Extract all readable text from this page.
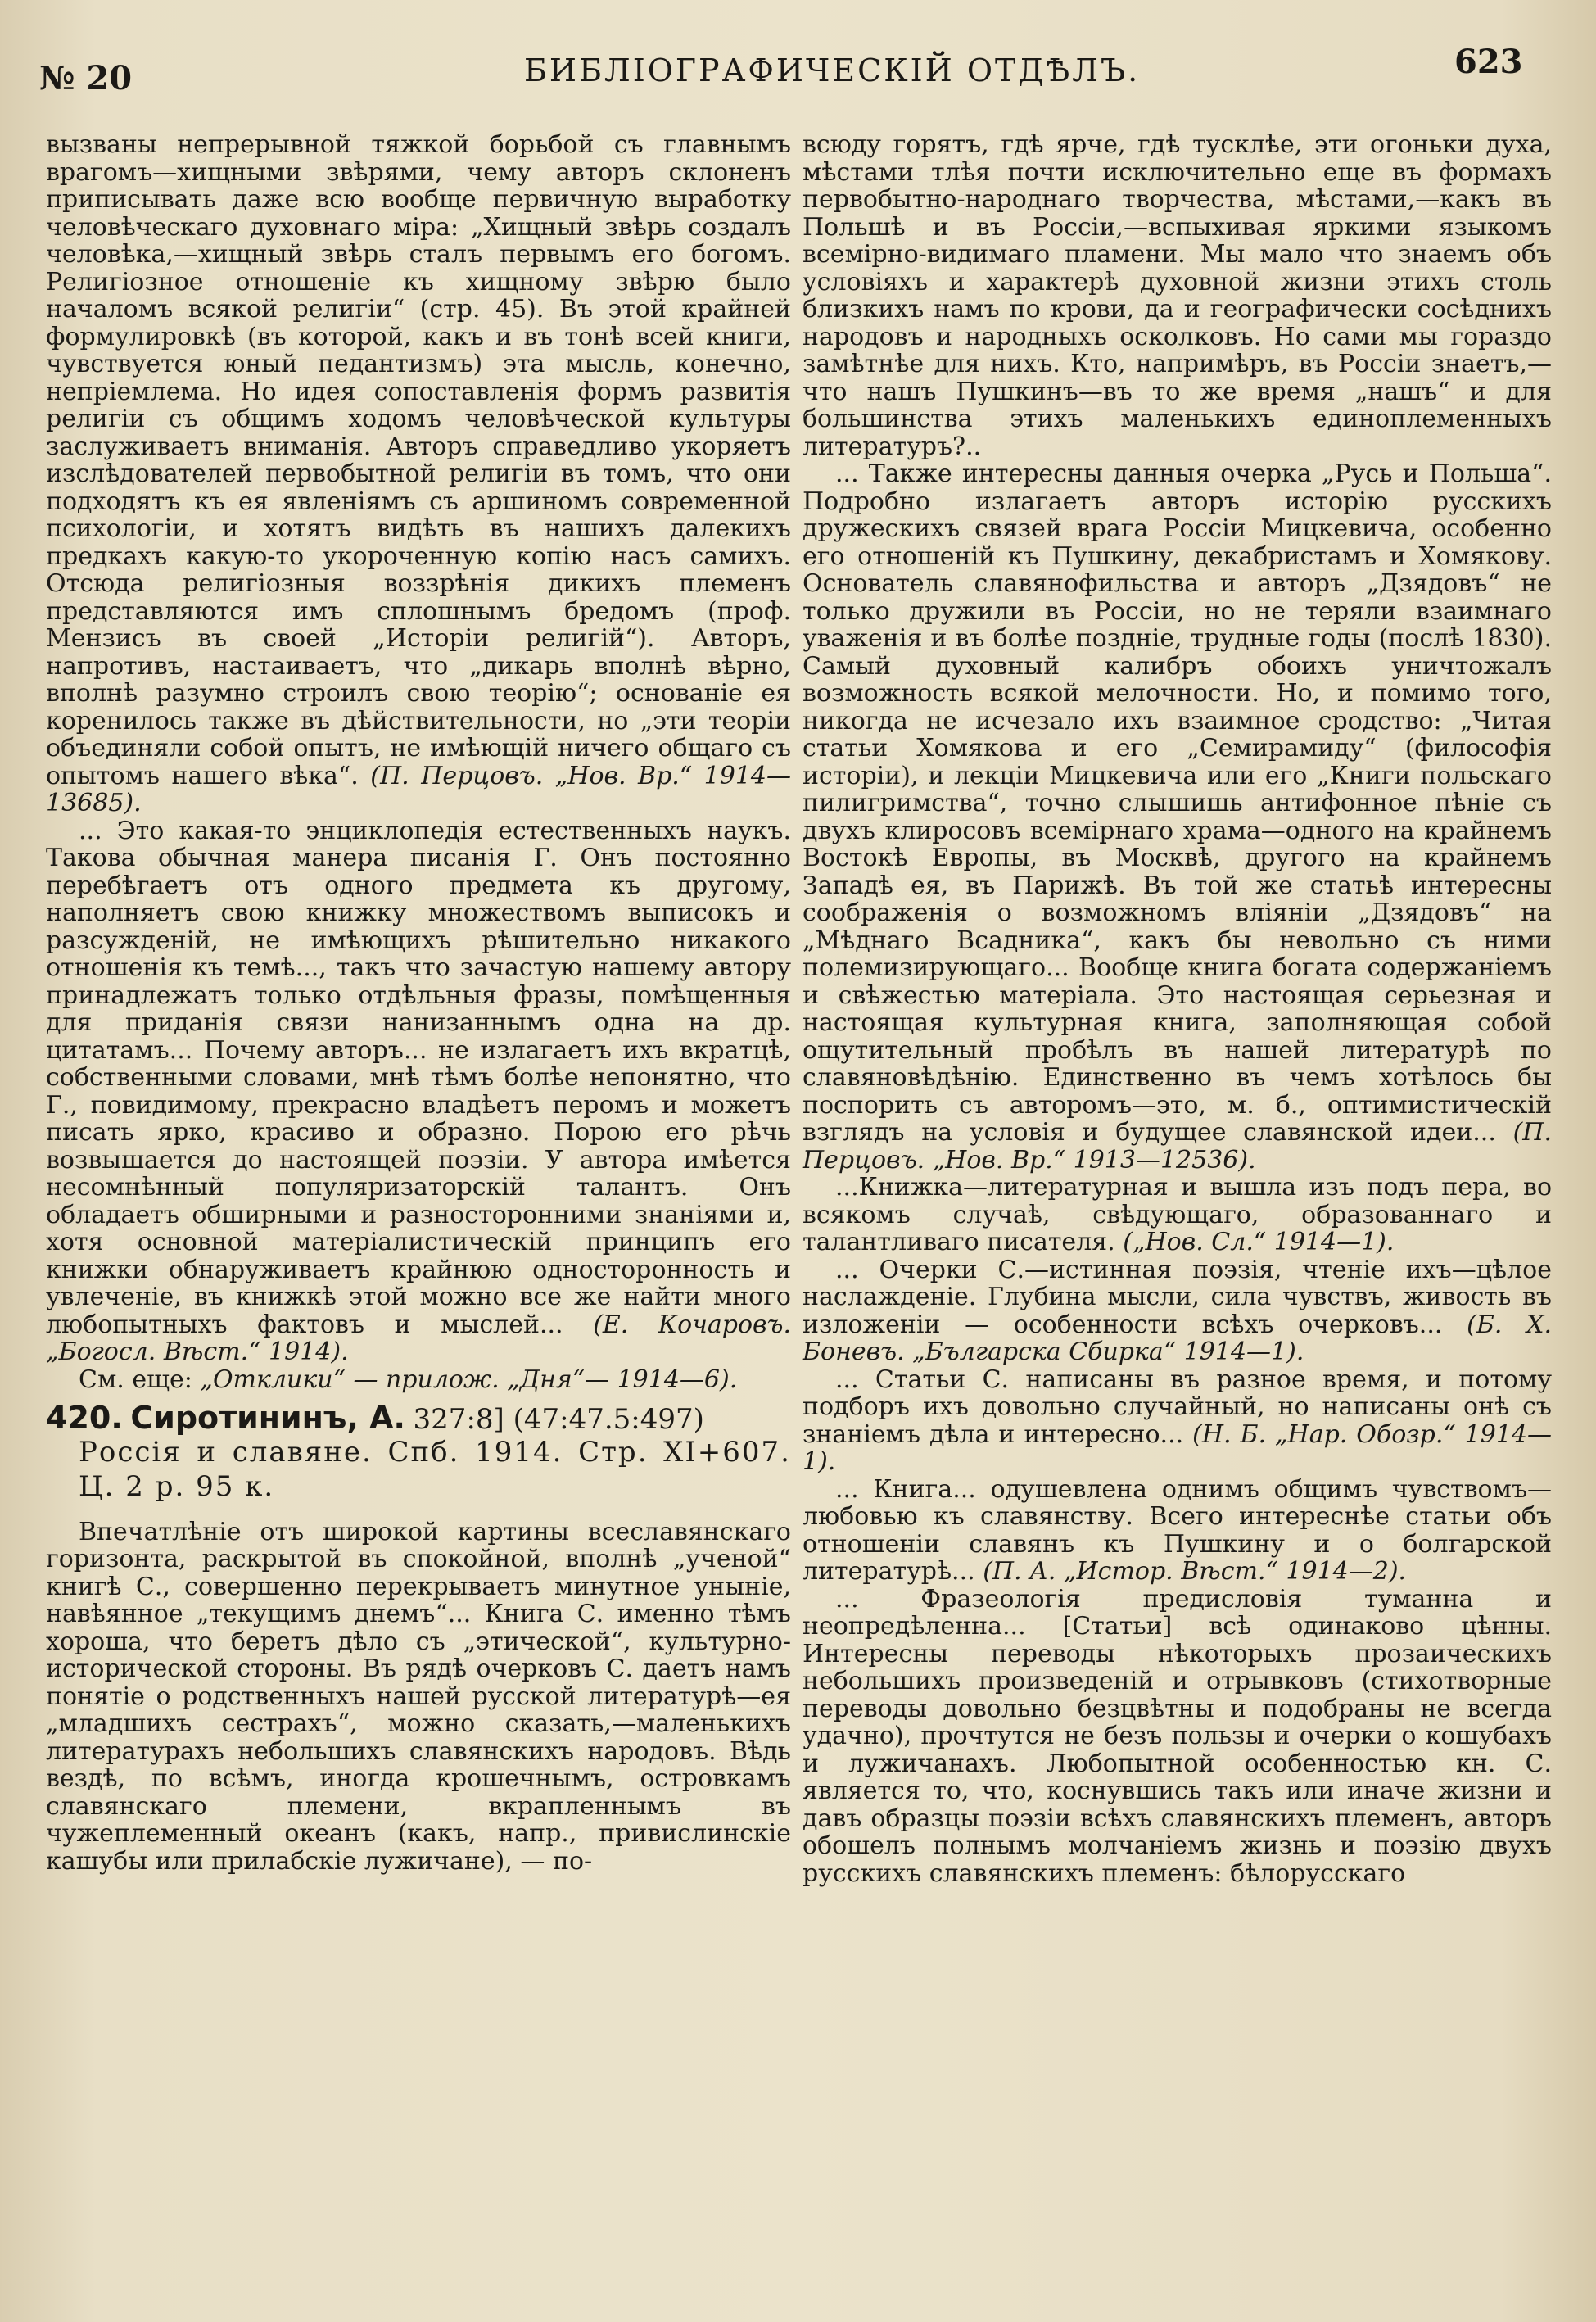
№ 20	БИБЛІОГРАФИЧЕСКІЙ ОТДѢЛЪ.	623

вызваны непрерывной тяжкой борьбой съ главнымъ врагомъ—хищными звѣрями, чему авторъ склоненъ приписывать даже всю вообще первичную выработку человѣческаго духовнаго міра: „Хищный звѣрь создалъ человѣка,—хищный звѣрь сталъ первымъ его богомъ. Религіозное отношеніе къ хищному звѣрю было началомъ всякой религіи“ (стр. 45). Въ этой крайней формулировкѣ (въ которой, какъ и въ тонѣ всей книги, чувствуется юный педантизмъ) эта мысль, конечно, непріемлема. Но идея сопоставленія формъ развитія религіи съ общимъ ходомъ человѣческой культуры заслуживаетъ вниманія. Авторъ справедливо укоряетъ изслѣдователей первобытной религіи въ томъ, что они подходятъ къ ея явленіямъ съ аршиномъ современной психологіи, и хотятъ видѣть въ нашихъ далекихъ предкахъ какую-то укороченную копію насъ самихъ. Отсюда религіозныя воззрѣнія дикихъ племенъ представляются имъ сплошнымъ бредомъ (проф. Мензисъ въ своей „Исторіи религій“). Авторъ, напротивъ, настаиваетъ, что „дикарь вполнѣ вѣрно, вполнѣ разумно строилъ свою теорію“; основаніе ея коренилось также въ дѣйствительности, но „эти теоріи объединяли собой опытъ, не имѣющій ничего общаго съ опытомъ нашего вѣка“. (П. Перцовъ. „Нов. Вр.“ 1914—13685).

... Это какая-то энциклопедія естественныхъ наукъ. Такова обычная манера писанія Г. Онъ постоянно перебѣгаетъ отъ одного предмета къ другому, наполняетъ свою книжку множествомъ выписокъ и разсужденій, не имѣющихъ рѣшительно никакого отношенія къ темѣ..., такъ что зачастую нашему автору принадлежатъ только отдѣльныя фразы, помѣщенныя для приданія связи нанизаннымъ одна на др. цитатамъ... Почему авторъ... не излагаетъ ихъ вкратцѣ, собственными словами, мнѣ тѣмъ болѣе непонятно, что Г., повидимому, прекрасно владѣетъ перомъ и можетъ писать ярко, красиво и образно. Порою его рѣчь возвышается до настоящей поэзіи. У автора имѣется несомнѣнный популяризаторскій талантъ. Онъ обладаетъ обширными и разносторонними знаніями и, хотя основной матеріалистическій принципъ его книжки обнаруживаетъ крайнюю односторонность и увлеченіе, въ книжкѣ этой можно все же найти много любопытныхъ фактовъ и мыслей... (Е. Кочаровъ. „Богосл. Вѣст.“ 1914).

См. еще: „Отклики“ — прилож. „Дня“— 1914—6).

420. Сиротининъ, А. 327:8] (47:47.5:497)
Россія и славяне. Спб. 1914. Стр. XI+607. Ц. 2 р. 95 к.

Впечатлѣніе отъ широкой картины всеславянскаго горизонта, раскрытой въ спокойной, вполнѣ „ученой“ книгѣ С., совершенно перекрываетъ минутное уныніе, навѣянное „текущимъ днемъ“... Книга С. именно тѣмъ хороша, что беретъ дѣло съ „этической“, культурно-исторической стороны. Въ рядѣ очерковъ С. даетъ намъ понятіе о родственныхъ нашей русской литературѣ—ея „младшихъ сестрахъ“, можно сказать,—маленькихъ литературахъ небольшихъ славянскихъ народовъ. Вѣдь вездѣ, по всѣмъ, иногда крошечнымъ, островкамъ славянскаго племени, вкрапленнымъ въ чужеплеменный океанъ (какъ, напр., привислинскіе кашубы или прилабскіе лужичане), — по-

всюду горятъ, гдѣ ярче, гдѣ тусклѣе, эти огоньки духа, мѣстами тлѣя почти исключительно еще въ формахъ первобытно-народнаго творчества, мѣстами,—какъ въ Польшѣ и въ Россіи,—вспыхивая яркими языкомъ всемірно-видимаго пламени. Мы мало что знаемъ объ условіяхъ и характерѣ духовной жизни этихъ столь близкихъ намъ по крови, да и географически сосѣднихъ народовъ и народныхъ осколковъ. Но сами мы гораздо замѣтнѣе для нихъ. Кто, напримѣръ, въ Россіи знаетъ,—что нашъ Пушкинъ—въ то же время „нашъ“ и для большинства этихъ маленькихъ единоплеменныхъ литературъ?..

... Также интересны данныя очерка „Русь и Польша“. Подробно излагаетъ авторъ исторію русскихъ дружескихъ связей врага Россіи Мицкевича, особенно его отношеній къ Пушкину, декабристамъ и Хомякову. Основатель славянофильства и авторъ „Дзядовъ“ не только дружили въ Россіи, но не теряли взаимнаго уваженія и въ болѣе поздніе, трудные годы (послѣ 1830). Самый духовный калибръ обоихъ уничтожалъ возможность всякой мелочности. Но, и помимо того, никогда не исчезало ихъ взаимное сродство: „Читая статьи Хомякова и его „Семирамиду“ (философія исторіи), и лекціи Мицкевича или его „Книги польскаго пилигримства“, точно слышишь антифонное пѣніе съ двухъ клиросовъ всемірнаго храма—одного на крайнемъ Востокѣ Европы, въ Москвѣ, другого на крайнемъ Западѣ ея, въ Парижѣ. Въ той же статьѣ интересны соображенія о возможномъ вліяніи „Дзядовъ“ на „Мѣднаго Всадника“, какъ бы невольно съ ними полемизирующаго... Вообще книга богата содержаніемъ и свѣжестью матеріала. Это настоящая серьезная и настоящая культурная книга, заполняющая собой ощутительный пробѣлъ въ нашей литературѣ по славяновѣдѣнію. Единственно въ чемъ хотѣлось бы поспорить съ авторомъ—это, м. б., оптимистическій взглядъ на условія и будущее славянской идеи... (П. Перцовъ. „Нов. Вр.“ 1913—12536).

...Книжка—литературная и вышла изъ подъ пера, во всякомъ случаѣ, свѣдующаго, образованнаго и талантливаго писателя. („Нов. Сл.“ 1914—1).

... Очерки С.—истинная поэзія, чтеніе ихъ—цѣлое наслажденіе. Глубина мысли, сила чувствъ, живость въ изложеніи — особенности всѣхъ очерковъ... (Б. Х. Боневъ. „Българска Сбирка“ 1914—1).

... Статьи С. написаны въ разное время, и потому подборъ ихъ довольно случайный, но написаны онѣ съ знаніемъ дѣла и интересно... (Н. Б. „Нар. Обозр.“ 1914—1).

... Книга... одушевлена однимъ общимъ чувствомъ—любовью къ славянству. Всего интереснѣе статьи объ отношеніи славянъ къ Пушкину и о болгарской литературѣ... (П. А. „Истор. Вѣст.“ 1914—2).

... Фразеологія предисловія туманна и неопредѣленна... [Статьи] всѣ одинаково цѣнны. Интересны переводы нѣкоторыхъ прозаическихъ небольшихъ произведеній и отрывковъ (стихотворные переводы довольно безцвѣтны и подобраны не всегда удачно), прочтутся не безъ пользы и очерки о кошубахъ и лужичанахъ. Любопытной особенностью кн. С. является то, что, коснувшись такъ или иначе жизни и давъ образцы поэзіи всѣхъ славянскихъ племенъ, авторъ обошелъ полнымъ молчаніемъ жизнь и поэзію двухъ русскихъ славянскихъ племенъ: бѣлорусскаго
